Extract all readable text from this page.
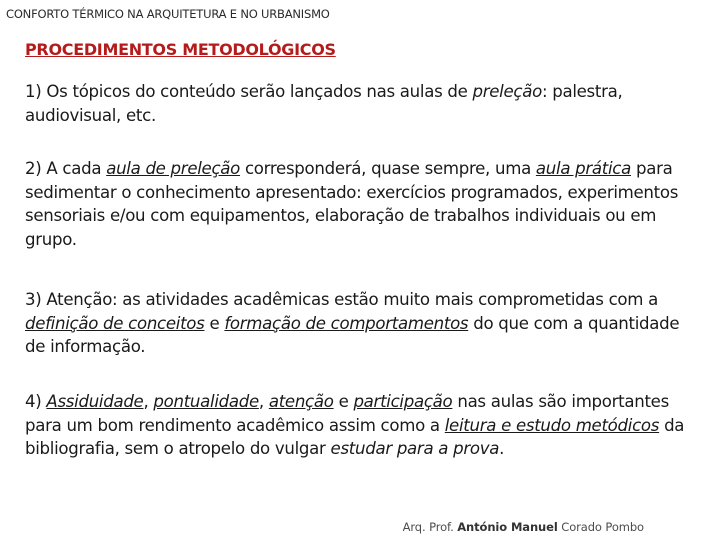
CONFORTO TÉRMICO NA ARQUITETURA E NO URBANISMO
PROCEDIMENTOS METODOLÓGICOS
1) Os tópicos do conteúdo serão lançados nas aulas de preleção: palestra, audiovisual, etc.
2) A cada aula de preleção corresponderá, quase sempre, uma aula prática para sedimentar o conhecimento apresentado: exercícios programados, experimentos sensoriais e/ou com equipamentos, elaboração de trabalhos individuais ou em grupo.
3) Atenção: as atividades acadêmicas estão muito mais comprometidas com a definição de conceitos e formação de comportamentos do que com a quantidade de informação.
4) Assiduidade, pontualidade, atenção e participação nas aulas são importantes para um bom rendimento acadêmico assim como a leitura e estudo metódicos da bibliografia, sem o atropelo do vulgar estudar para a prova.
Arq. Prof. António Manuel Corado Pombo
